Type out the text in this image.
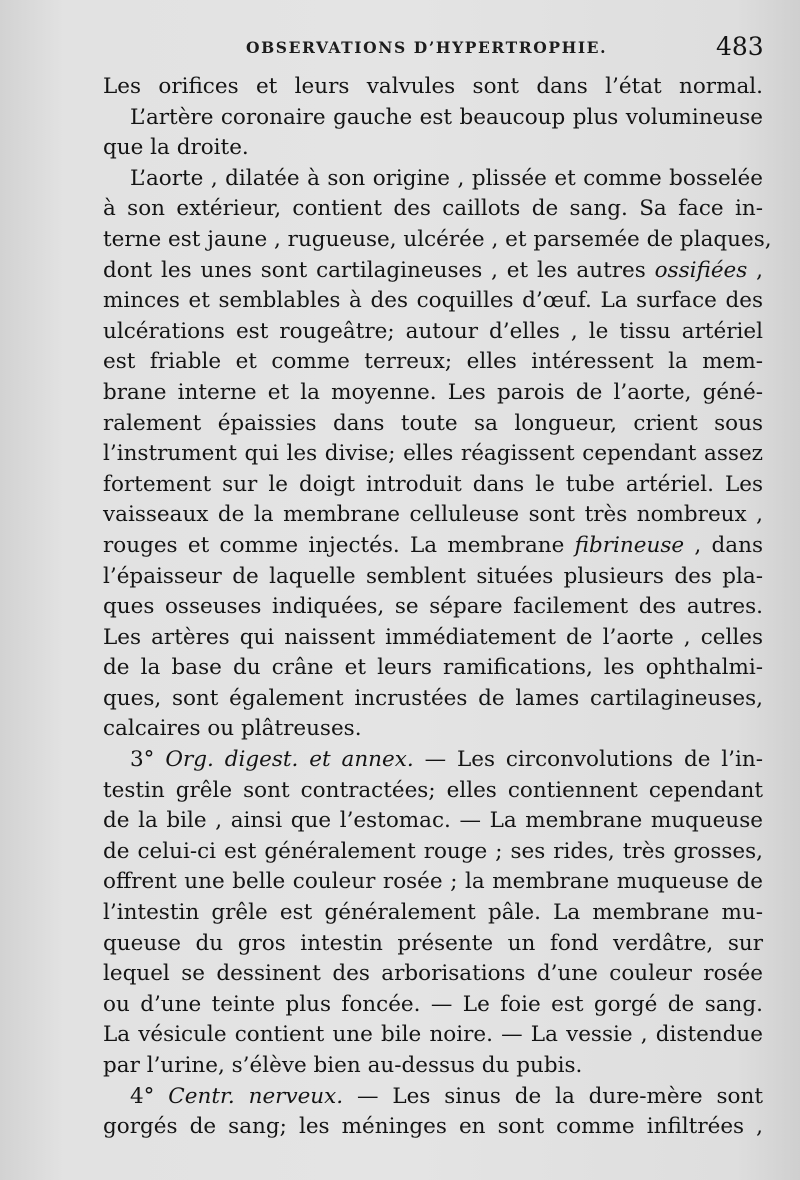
OBSERVATIONS D’HYPERTROPHIE.	483
Les orifices et leurs valvules sont dans l’état normal.
L’artère coronaire gauche est beaucoup plus volumineuse
que la droite.
L’aorte , dilatée à son origine , plissée et comme bosselée
à son extérieur, contient des caillots de sang. Sa face in-
terne est jaune , rugueuse, ulcérée , et parsemée de plaques,
dont les unes sont cartilagineuses , et les autres ossifiées ,
minces et semblables à des coquilles d’œuf. La surface des
ulcérations est rougeâtre; autour d’elles , le tissu artériel
est friable et comme terreux; elles intéressent la mem-
brane interne et la moyenne. Les parois de l’aorte, géné-
ralement épaissies dans toute sa longueur, crient sous
l’instrument qui les divise; elles réagissent cependant assez
fortement sur le doigt introduit dans le tube artériel. Les
vaisseaux de la membrane celluleuse sont très nombreux ,
rouges et comme injectés. La membrane fibrineuse , dans
l’épaisseur de laquelle semblent situées plusieurs des pla-
ques osseuses indiquées, se sépare facilement des autres.
Les artères qui naissent immédiatement de l’aorte , celles
de la base du crâne et leurs ramifications, les ophthalmi-
ques, sont également incrustées de lames cartilagineuses,
calcaires ou plâtreuses.
3° Org. digest. et annex. — Les circonvolutions de l’in-
testin grêle sont contractées; elles contiennent cependant
de la bile , ainsi que l’estomac. — La membrane muqueuse
de celui-ci est généralement rouge ; ses rides, très grosses,
offrent une belle couleur rosée ; la membrane muqueuse de
l’intestin grêle est généralement pâle. La membrane mu-
queuse du gros intestin présente un fond verdâtre, sur
lequel se dessinent des arborisations d’une couleur rosée
ou d’une teinte plus foncée. — Le foie est gorgé de sang.
La vésicule contient une bile noire. — La vessie , distendue
par l’urine, s’élève bien au-dessus du pubis.
4° Centr. nerveux. — Les sinus de la dure-mère sont
gorgés de sang; les méninges en sont comme infiltrées ,
